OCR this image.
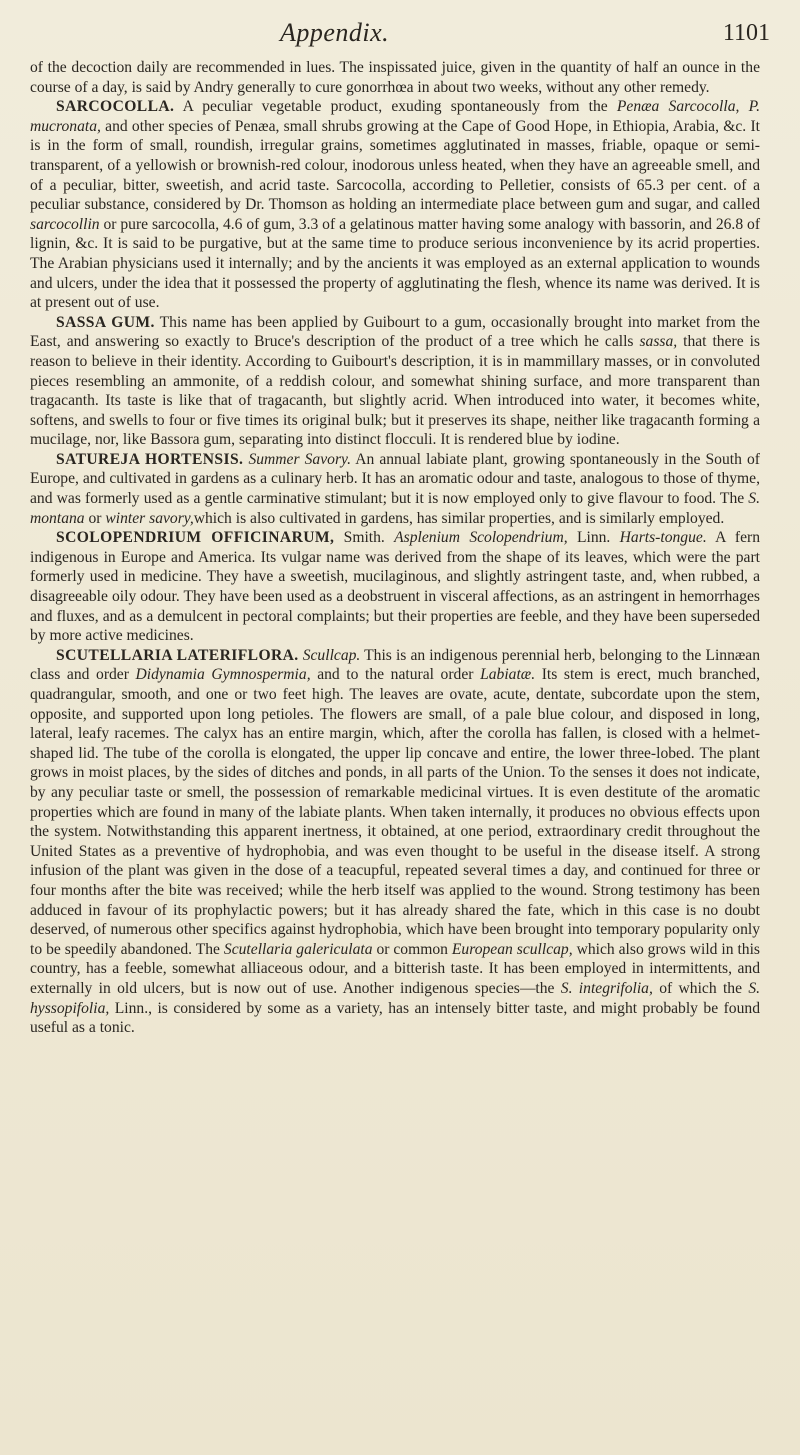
Appendix.	1101

of the decoction daily are recommended in lues. The inspissated juice, given in the quantity of half an ounce in the course of a day, is said by Andry generally to cure gonorrhœa in about two weeks, without any other remedy.

SARCOCOLLA. A peculiar vegetable product, exuding spontaneously from the Penæa Sarcocolla, P. mucronata, and other species of Penæa, small shrubs growing at the Cape of Good Hope, in Ethiopia, Arabia, &c. It is in the form of small, roundish, irregular grains, sometimes agglutinated in masses, friable, opaque or semi-transparent, of a yellowish or brownish-red colour, inodorous unless heated, when they have an agreeable smell, and of a peculiar, bitter, sweetish, and acrid taste. Sarcocolla, according to Pelletier, consists of 65.3 per cent. of a peculiar substance, considered by Dr. Thomson as holding an intermediate place between gum and sugar, and called sarcocollin or pure sarcocolla, 4.6 of gum, 3.3 of a gelatinous matter having some analogy with bassorin, and 26.8 of lignin, &c. It is said to be purgative, but at the same time to produce serious inconvenience by its acrid properties. The Arabian physicians used it internally; and by the ancients it was employed as an external application to wounds and ulcers, under the idea that it possessed the property of agglutinating the flesh, whence its name was derived. It is at present out of use.

SASSA GUM. This name has been applied by Guibourt to a gum, occasionally brought into market from the East, and answering so exactly to Bruce's description of the product of a tree which he calls sassa, that there is reason to believe in their identity. According to Guibourt's description, it is in mammillary masses, or in convoluted pieces resembling an ammonite, of a reddish colour, and somewhat shining surface, and more transparent than tragacanth. Its taste is like that of tragacanth, but slightly acrid. When introduced into water, it becomes white, softens, and swells to four or five times its original bulk; but it preserves its shape, neither like tragacanth forming a mucilage, nor, like Bassora gum, separating into distinct flocculi. It is rendered blue by iodine.

SATUREJA HORTENSIS. Summer Savory. An annual labiate plant, growing spontaneously in the South of Europe, and cultivated in gardens as a culinary herb. It has an aromatic odour and taste, analogous to those of thyme, and was formerly used as a gentle carminative stimulant; but it is now employed only to give flavour to food. The S. montana or winter savory,which is also cultivated in gardens, has similar properties, and is similarly employed.

SCOLOPENDRIUM OFFICINARUM, Smith. Asplenium Scolopendrium, Linn. Harts-tongue. A fern indigenous in Europe and America. Its vulgar name was derived from the shape of its leaves, which were the part formerly used in medicine. They have a sweetish, mucilaginous, and slightly astringent taste, and, when rubbed, a disagreeable oily odour. They have been used as a deobstruent in visceral affections, as an astringent in hemorrhages and fluxes, and as a demulcent in pectoral complaints; but their properties are feeble, and they have been superseded by more active medicines.

SCUTELLARIA LATERIFLORA. Scullcap. This is an indigenous perennial herb, belonging to the Linnæan class and order Didynamia Gymnospermia, and to the natural order Labiatæ. Its stem is erect, much branched, quadrangular, smooth, and one or two feet high. The leaves are ovate, acute, dentate, subcordate upon the stem, opposite, and supported upon long petioles. The flowers are small, of a pale blue colour, and disposed in long, lateral, leafy racemes. The calyx has an entire margin, which, after the corolla has fallen, is closed with a helmet-shaped lid. The tube of the corolla is elongated, the upper lip concave and entire, the lower three-lobed. The plant grows in moist places, by the sides of ditches and ponds, in all parts of the Union. To the senses it does not indicate, by any peculiar taste or smell, the possession of remarkable medicinal virtues. It is even destitute of the aromatic properties which are found in many of the labiate plants. When taken internally, it produces no obvious effects upon the system. Notwithstanding this apparent inertness, it obtained, at one period, extraordinary credit throughout the United States as a preventive of hydrophobia, and was even thought to be useful in the disease itself. A strong infusion of the plant was given in the dose of a teacupful, repeated several times a day, and continued for three or four months after the bite was received; while the herb itself was applied to the wound. Strong testimony has been adduced in favour of its prophylactic powers; but it has already shared the fate, which in this case is no doubt deserved, of numerous other specifics against hydrophobia, which have been brought into temporary popularity only to be speedily abandoned. The Scutellaria galericulata or common European scullcap, which also grows wild in this country, has a feeble, somewhat alliaceous odour, and a bitterish taste. It has been employed in intermittents, and externally in old ulcers, but is now out of use. Another indigenous species—the S. integrifolia, of which the S. hyssopifolia, Linn., is considered by some as a variety, has an intensely bitter taste, and might probably be found useful as a tonic.
